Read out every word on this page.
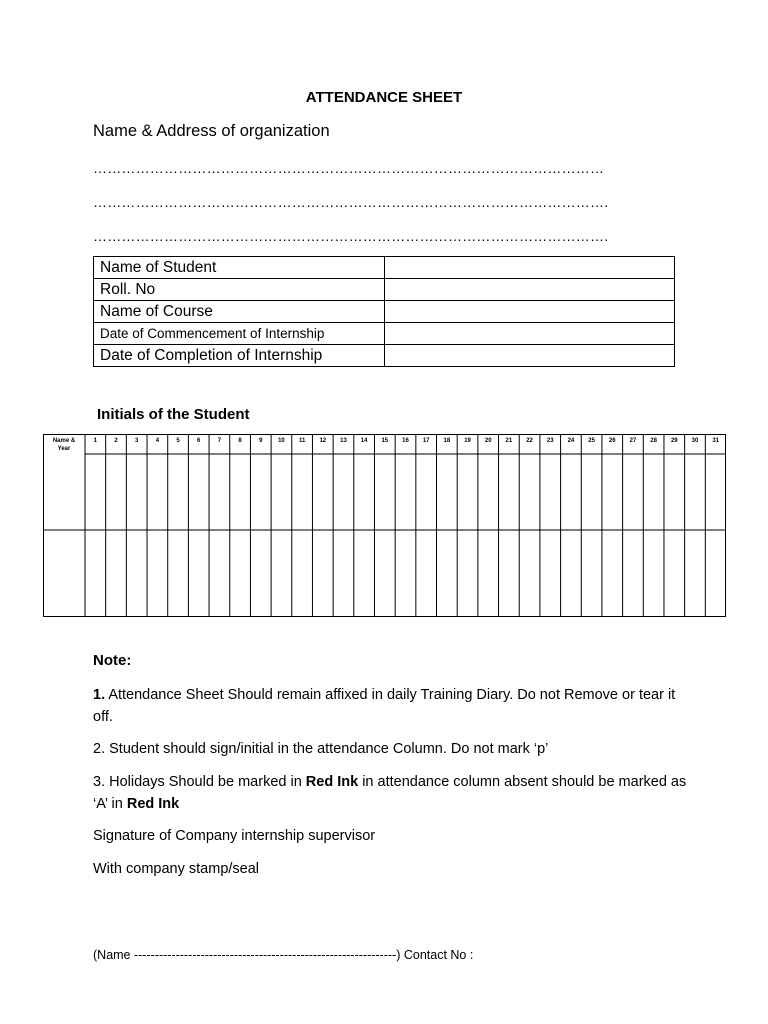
ATTENDANCE SHEET
Name & Address of organization
………………………………………………………………………………………………
……………………………………………………………………………………………….
……………………………………………………………………………………………….
Name of Student	
Roll. No	
Name of Course	
Date of Commencement of Internship	
Date of Completion of Internship	
Initials of the Student
Name &
Year
1	2	3	4	5	6	7	8	9	10 11 12 13 14 15 16 17 18 19 20 21 22 23 24 25 26 27 28 29 30 31
Note:
1. Attendance Sheet Should remain affixed in daily Training Diary. Do not Remove or tear it off.
2. Student should sign/initial in the attendance Column. Do not mark ‘p’
3. Holidays Should be marked in Red Ink in attendance column absent should be marked as ‘A’ in Red Ink
Signature of Company internship supervisor
With company stamp/seal
(Name ---------------------------------------------------------------) Contact No :
